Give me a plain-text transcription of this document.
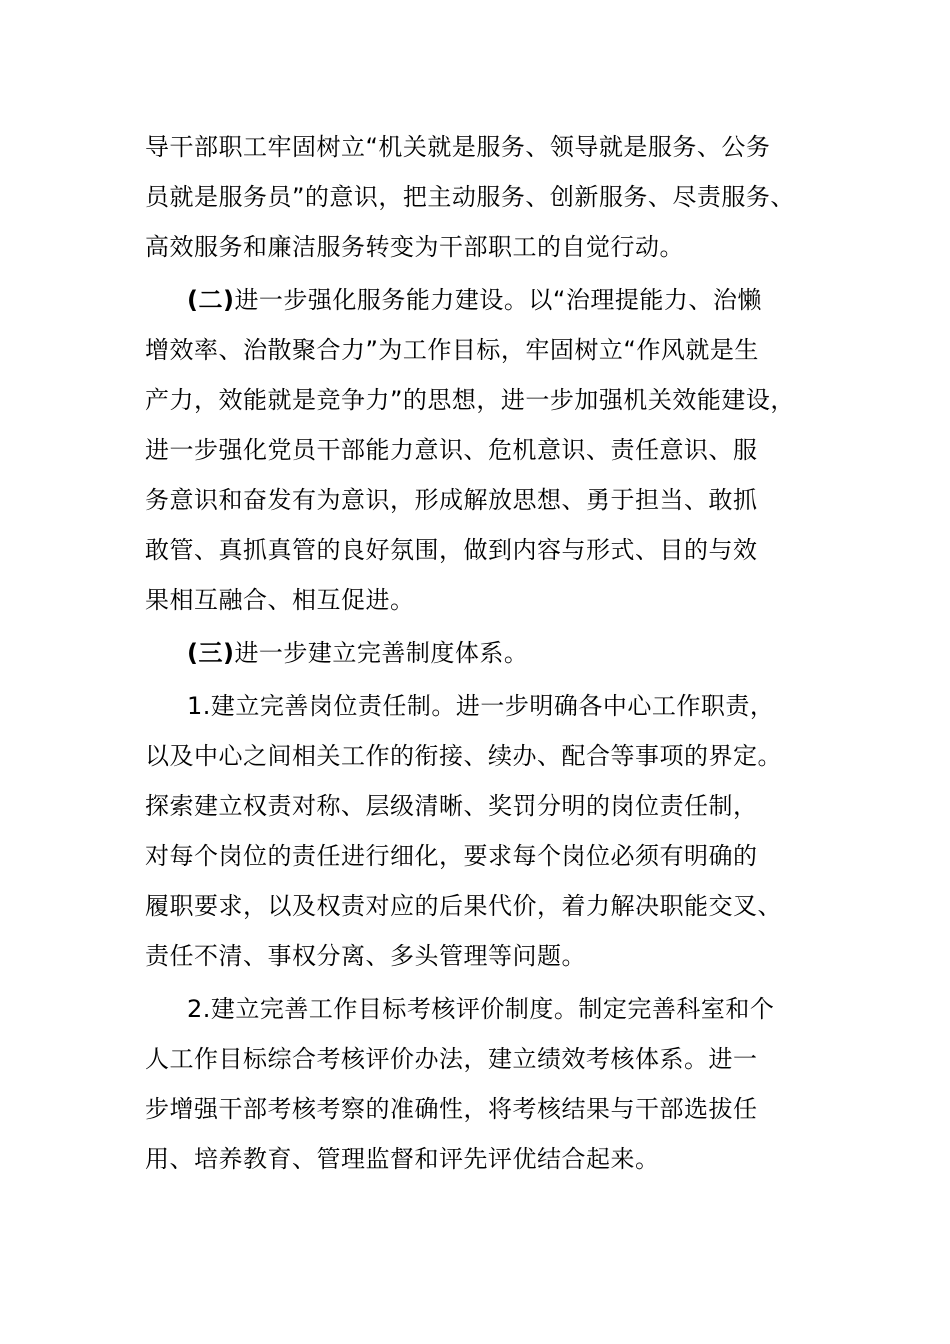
导干部职工牢固树立“机关就是服务、领导就是服务、公务
员就是服务员”的意识，把主动服务、创新服务、尽责服务、
高效服务和廉洁服务转变为干部职工的自觉行动。
(二)进一步强化服务能力建设。以“治理提能力、治懒
增效率、治散聚合力”为工作目标，牢固树立“作风就是生
产力，效能就是竞争力”的思想，进一步加强机关效能建设，
进一步强化党员干部能力意识、危机意识、责任意识、服
务意识和奋发有为意识，形成解放思想、勇于担当、敢抓
敢管、真抓真管的良好氛围，做到内容与形式、目的与效
果相互融合、相互促进。
(三)进一步建立完善制度体系。
1.建立完善岗位责任制。进一步明确各中心工作职责，
以及中心之间相关工作的衔接、续办、配合等事项的界定。
探索建立权责对称、层级清晰、奖罚分明的岗位责任制，
对每个岗位的责任进行细化，要求每个岗位必须有明确的
履职要求，以及权责对应的后果代价，着力解决职能交叉、
责任不清、事权分离、多头管理等问题。
2.建立完善工作目标考核评价制度。制定完善科室和个
人工作目标综合考核评价办法，建立绩效考核体系。进一
步增强干部考核考察的准确性，将考核结果与干部选拔任
用、培养教育、管理监督和评先评优结合起来。
